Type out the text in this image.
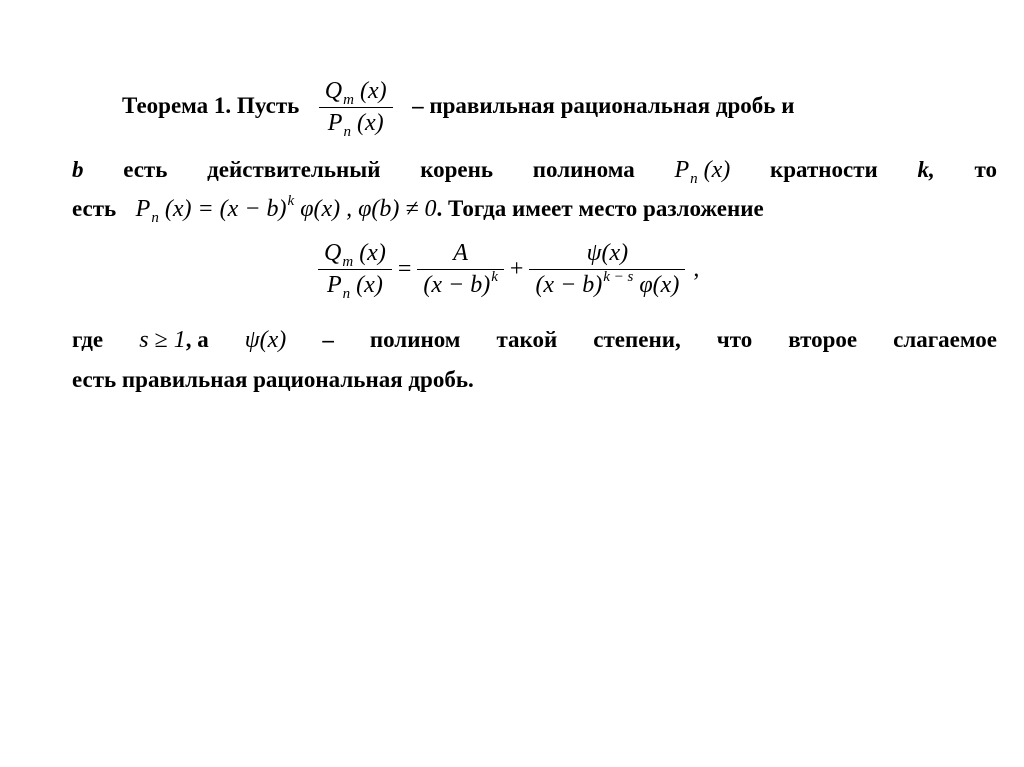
Теорема 1. Пусть $\frac{Q_m (x)}{P_n (x)}$ – правильная рациональная дробь и
b есть действительный корень полинома $P_n$ (x) кратности k, то
есть $P_n$ $(x) = (x - b)^k$ φ(x) , φ(b) ≠ 0. Тогда имеет место разложение
$\frac{Q_m (x)}{P_n (x)} = \frac{A}{(x - b)^k} + \frac{\psi(x)}{(x - b)^{k - s} \varphi(x)}$ ,
где s ≥ 1, а ψ(x) – полином такой степени, что второе слагаемое
есть правильная рациональная дробь.
